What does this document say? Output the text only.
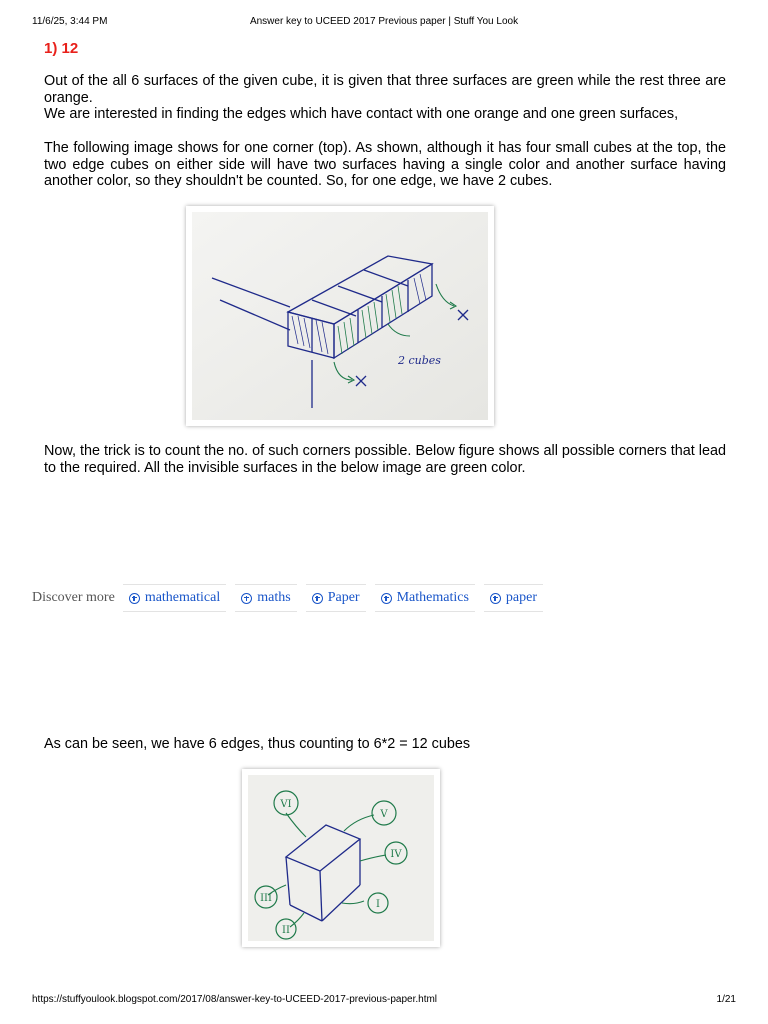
11/6/25, 3:44 PM	Answer key to UCEED 2017 Previous paper | Stuff You Look
1) 12
Out of the all 6 surfaces of the given cube, it is given that three surfaces are green while the rest three are orange.
We are interested in finding the edges which have contact with one orange and one green surfaces,
The following image shows for one corner (top). As shown, although it has four small cubes at the top, the two edge cubes on either side will have two surfaces having a single color and another surface having another color, so they shouldn't be counted. So, for one edge, we have 2 cubes.
Now, the trick is to count the no. of such corners possible. Below figure shows all possible corners that lead to the required. All the invisible surfaces in the below image are green color.
As can be seen, we have 6 edges, thus counting to 6*2 = 12 cubes
2 cubes
Discover more mathematical	maths	Paper	Mathematics	paper
VI
V
IV
III
II
I
https://stuffyoulook.blogspot.com/2017/08/answer-key-to-UCEED-2017-previous-paper.html	1/21
